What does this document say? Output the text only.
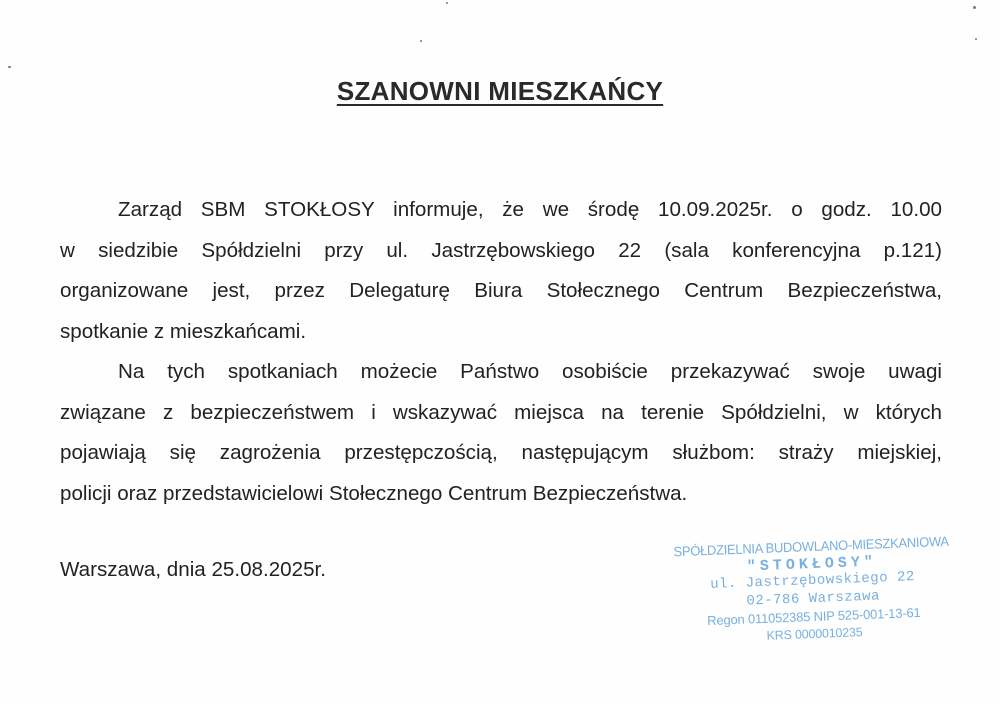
SZANOWNI MIESZKAŃCY
Zarząd SBM STOKŁOSY informuje, że we środę 10.09.2025r. o godz. 10.00
w siedzibie Spółdzielni przy ul. Jastrzębowskiego 22 (sala konferencyjna p.121)
organizowane jest, przez Delegaturę Biura Stołecznego Centrum Bezpieczeństwa,
spotkanie z mieszkańcami.
Na tych spotkaniach możecie Państwo osobiście przekazywać swoje uwagi
związane z bezpieczeństwem i wskazywać miejsca na terenie Spółdzielni, w których
pojawiają się zagrożenia przestępczością, następującym służbom: straży miejskiej,
policji oraz przedstawicielowi Stołecznego Centrum Bezpieczeństwa.
Warszawa, dnia 25.08.2025r.
SPÓŁDZIELNIA BUDOWLANO-MIESZKANIOWA
"STOKŁOSY"
ul. Jastrzębowskiego 22
02-786 Warszawa
Regon 011052385 NIP 525-001-13-61
KRS 0000010235
